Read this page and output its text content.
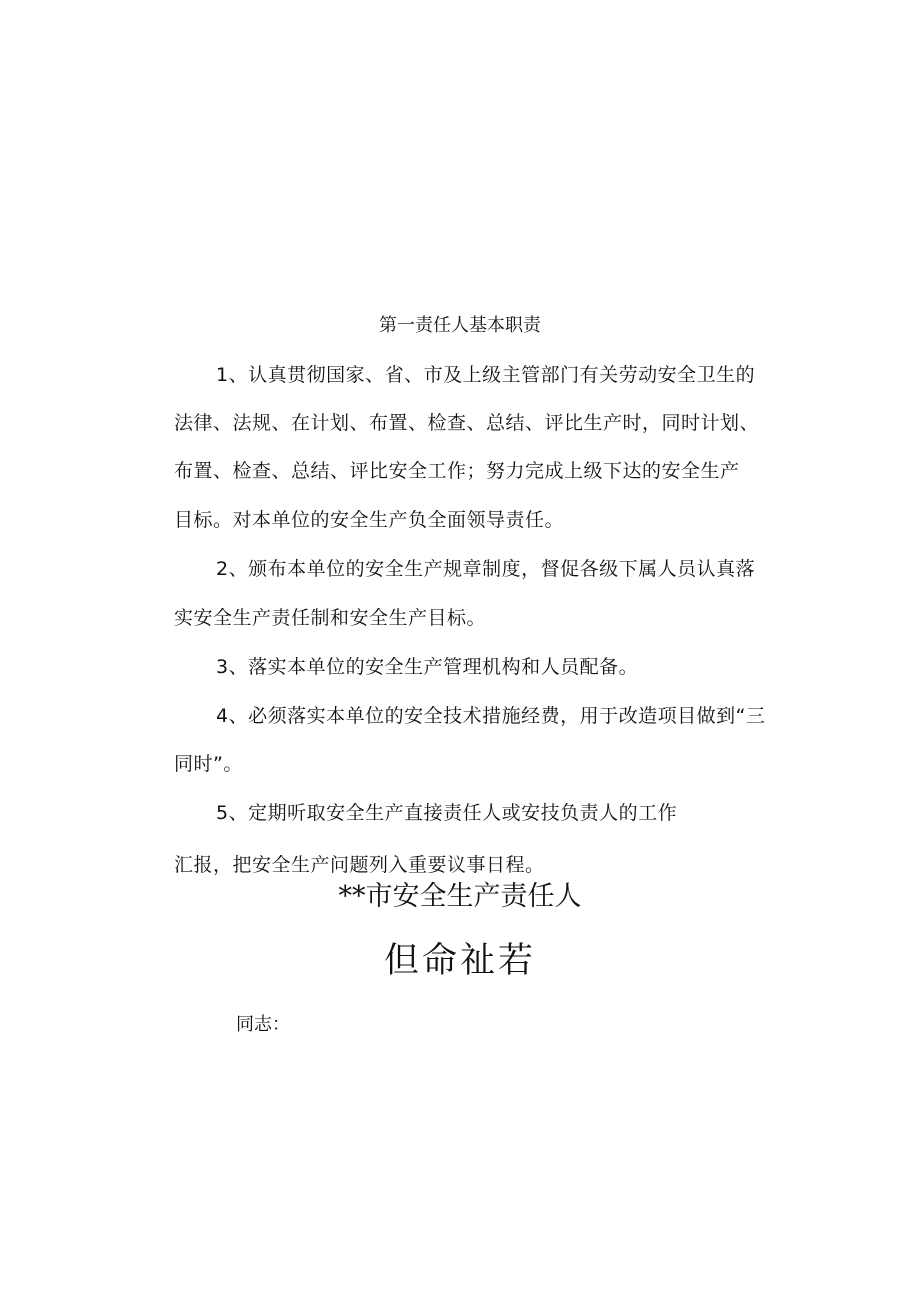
第一责任人基本职责
1、认真贯彻国家、省、市及上级主管部门有关劳动安全卫生的
法律、法规、在计划、布置、检查、总结、评比生产时，同时计划、
布置、检查、总结、评比安全工作；努力完成上级下达的安全生产
目标。对本单位的安全生产负全面领导责任。
2、颁布本单位的安全生产规章制度，督促各级下属人员认真落
实安全生产责任制和安全生产目标。
3、落实本单位的安全生产管理机构和人员配备。
4、必须落实本单位的安全技术措施经费，用于改造项目做到“三
同时”。
5、定期听取安全生产直接责任人或安技负责人的工作
汇报，把安全生产问题列入重要议事日程。
**市安全生产责任人
但命祉若
同志：
